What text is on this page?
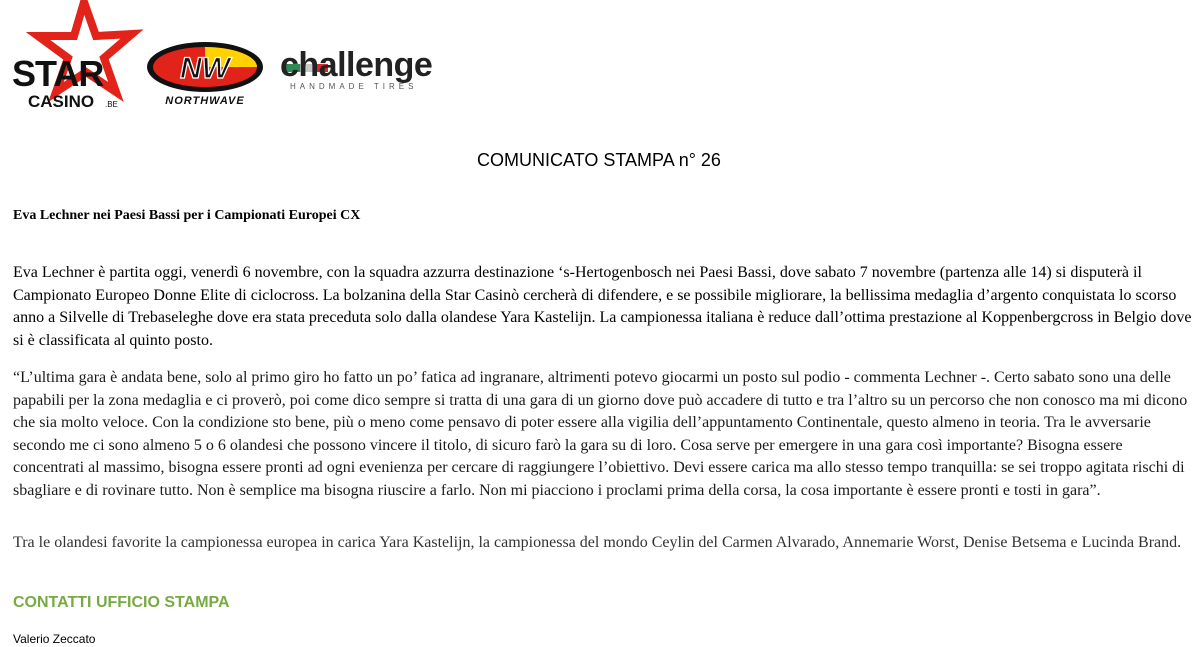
STAR
CASINO .BE
NW
NORTHWAVE
challenge
HANDMADE TIRES
COMUNICATO STAMPA n° 26
Eva Lechner nei Paesi Bassi per i Campionati Europei CX
Eva Lechner è partita oggi, venerdì 6 novembre, con la squadra azzurra destinazione ‘s-Hertogenbosch nei Paesi Bassi, dove sabato 7 novembre (partenza alle 14) si disputerà il Campionato Europeo Donne Elite di ciclocross. La bolzanina della Star Casinò cercherà di difendere, e se possibile migliorare, la bellissima medaglia d’argento conquistata lo scorso anno a Silvelle di Trebaseleghe dove era stata preceduta solo dalla olandese Yara Kastelijn. La campionessa italiana è reduce dall’ottima prestazione al Koppenbergcross in Belgio dove si è classificata al quinto posto.
“L’ultima gara è andata bene, solo al primo giro ho fatto un po’ fatica ad ingranare, altrimenti potevo giocarmi un posto sul podio - commenta Lechner -. Certo sabato sono una delle papabili per la zona medaglia e ci proverò, poi come dico sempre si tratta di una gara di un giorno dove può accadere di tutto e tra l’altro su un percorso che non conosco ma mi dicono che sia molto veloce. Con la condizione sto bene, più o meno come pensavo di poter essere alla vigilia dell’appuntamento Continentale, questo almeno in teoria. Tra le avversarie secondo me ci sono almeno 5 o 6 olandesi che possono vincere il titolo, di sicuro farò la gara su di loro. Cosa serve per emergere in una gara così importante? Bisogna essere concentrati al massimo, bisogna essere pronti ad ogni evenienza per cercare di raggiungere l’obiettivo. Devi essere carica ma allo stesso tempo tranquilla: se sei troppo agitata rischi di sbagliare e di rovinare tutto. Non è semplice ma bisogna riuscire a farlo. Non mi piacciono i proclami prima della corsa, la cosa importante è essere pronti e tosti in gara”.
Tra le olandesi favorite la campionessa europea in carica Yara Kastelijn, la campionessa del mondo Ceylin del Carmen Alvarado, Annemarie Worst, Denise Betsema e Lucinda Brand.
CONTATTI UFFICIO STAMPA
Valerio Zeccato
